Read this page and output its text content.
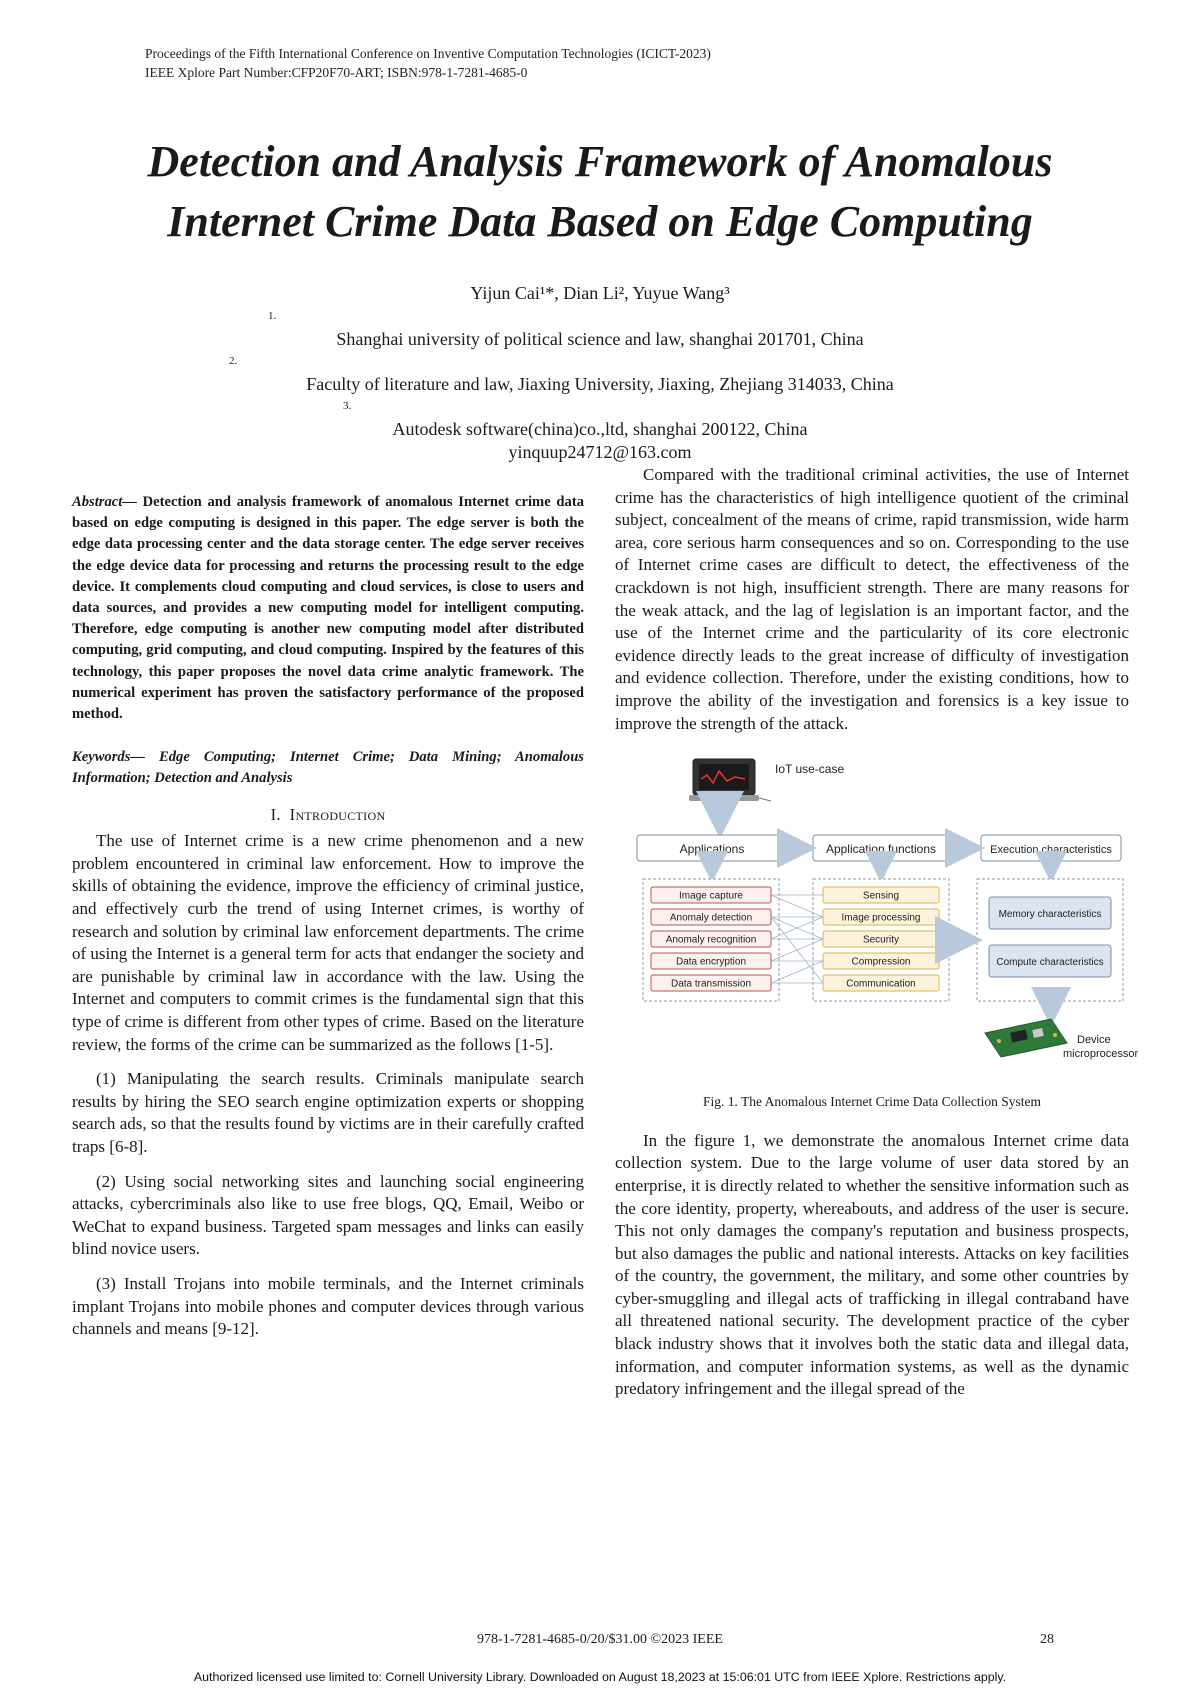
Proceedings of the Fifth International Conference on Inventive Computation Technologies (ICICT-2023)
IEEE Xplore Part Number:CFP20F70-ART; ISBN:978-1-7281-4685-0
Detection and Analysis Framework of Anomalous
Internet Crime Data Based on Edge Computing
Yijun Cai¹*, Dian Li², Yuyue Wang³
1.
Shanghai university of political science and law, shanghai 201701, China
2.
Faculty of literature and law, Jiaxing University, Jiaxing, Zhejiang 314033, China
3.
Autodesk software(china)co.,ltd, shanghai 200122, China
yinquup24712@163.com

Abstract— Detection and analysis framework of anomalous Internet crime data based on edge computing is designed in this paper. The edge server is both the edge data processing center and the data storage center. The edge server receives the edge device data for processing and returns the processing result to the edge device. It complements cloud computing and cloud services, is close to users and data sources, and provides a new computing model for intelligent computing. Therefore, edge computing is another new computing model after distributed computing, grid computing, and cloud computing. Inspired by the features of this technology, this paper proposes the novel data crime analytic framework. The numerical experiment has proven the satisfactory performance of the proposed method.

Keywords— Edge Computing; Internet Crime; Data Mining; Anomalous Information; Detection and Analysis

I. Introduction

The use of Internet crime is a new crime phenomenon and a new problem encountered in criminal law enforcement. How to improve the skills of obtaining the evidence, improve the efficiency of criminal justice, and effectively curb the trend of using Internet crimes, is worthy of research and solution by criminal law enforcement departments. The crime of using the Internet is a general term for acts that endanger the society and are punishable by criminal law in accordance with the law. Using the Internet and computers to commit crimes is the fundamental sign that this type of crime is different from other types of crime. Based on the literature review, the forms of the crime can be summarized as the follows [1-5].

(1) Manipulating the search results. Criminals manipulate search results by hiring the SEO search engine optimization experts or shopping search ads, so that the results found by victims are in their carefully crafted traps [6-8].

(2) Using social networking sites and launching social engineering attacks, cybercriminals also like to use free blogs, QQ, Email, Weibo or WeChat to expand business. Targeted spam messages and links can easily blind novice users.

(3) Install Trojans into mobile terminals, and the Internet criminals implant Trojans into mobile phones and computer devices through various channels and means [9-12].

Compared with the traditional criminal activities, the use of Internet crime has the characteristics of high intelligence quotient of the criminal subject, concealment of the means of crime, rapid transmission, wide harm area, core serious harm consequences and so on. Corresponding to the use of Internet crime cases are difficult to detect, the effectiveness of the crackdown is not high, insufficient strength. There are many reasons for the weak attack, and the lag of legislation is an important factor, and the use of the Internet crime and the particularity of its core electronic evidence directly leads to the great increase of difficulty of investigation and evidence collection. Therefore, under the existing conditions, how to improve the ability of the investigation and forensics is a key issue to improve the strength of the attack.

IoT use-case
Applications	Application functions	Execution characteristics
Image capture
Anomaly detection
Anomaly recognition
Data encryption
Data transmission
Sensing
Image processing
Security
Compression
Communication
Memory characteristics
Compute characteristics
Device
microprocessor
Fig. 1. The Anomalous Internet Crime Data Collection System

In the figure 1, we demonstrate the anomalous Internet crime data collection system. Due to the large volume of user data stored by an enterprise, it is directly related to whether the sensitive information such as the core identity, property, whereabouts, and address of the user is secure. This not only damages the company's reputation and business prospects, but also damages the public and national interests. Attacks on key facilities of the country, the government, the military, and some other countries by cyber-smuggling and illegal acts of trafficking in illegal contraband have all threatened national security. The development practice of the cyber black industry shows that it involves both the static data and illegal data, information, and computer information systems, as well as the dynamic predatory infringement and the illegal spread of the

978-1-7281-4685-0/20/$31.00 ©2023 IEEE	28
Authorized licensed use limited to: Cornell University Library. Downloaded on August 18,2023 at 15:06:01 UTC from IEEE Xplore. Restrictions apply.
